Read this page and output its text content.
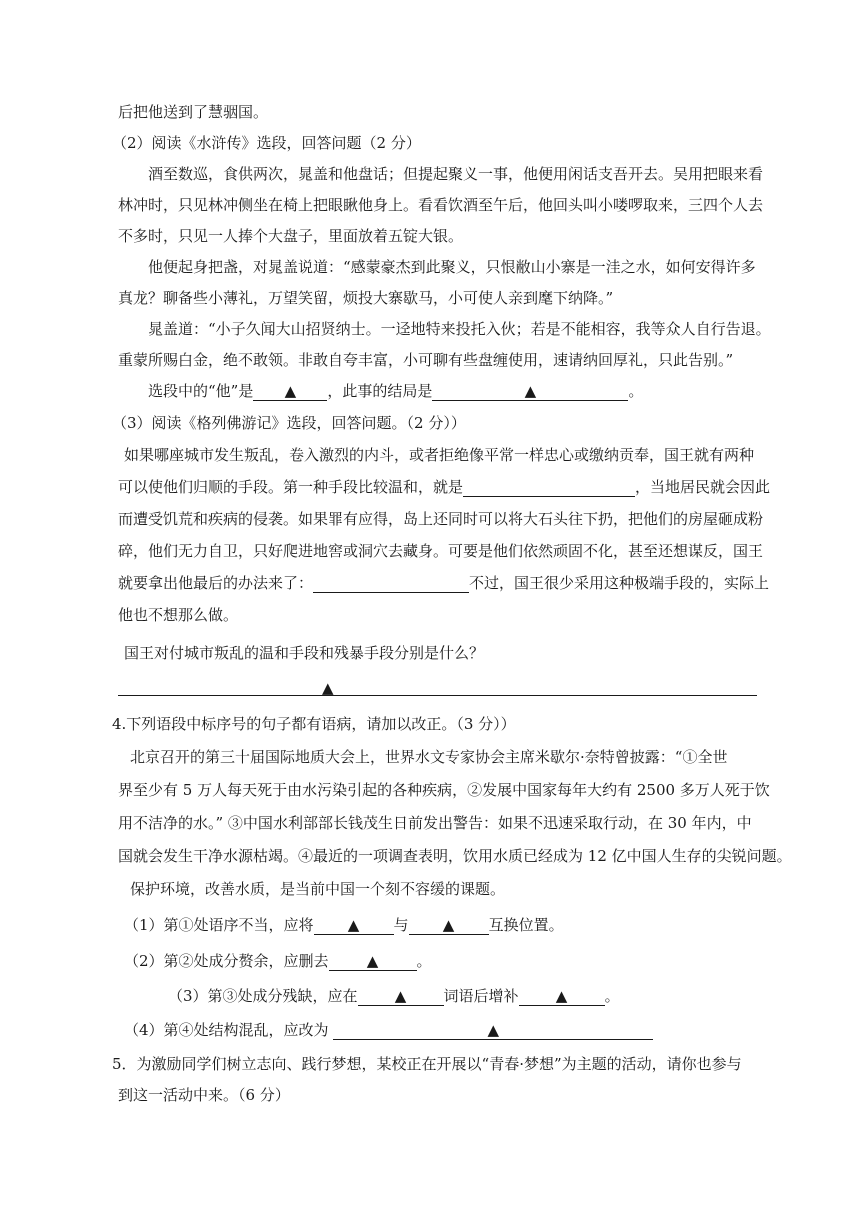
后把他送到了慧骃国。
（2）阅读《水浒传》选段，回答问题（2 分）
酒至数巡，食供两次，晁盖和他盘话；但提起聚义一事，他便用闲话支吾开去。吴用把眼来看
林冲时，只见林冲侧坐在椅上把眼瞅他身上。看看饮酒至午后，他回头叫小喽啰取来，三四个人去
不多时，只见一人捧个大盘子，里面放着五锭大银。
他便起身把盏，对晁盖说道：“感蒙豪杰到此聚义，只恨敝山小寨是一洼之水，如何安得许多
真龙？聊备些小薄礼，万望笑留，烦投大寨歇马，小可使人亲到麾下纳降。”
晁盖道：“小子久闻大山招贤纳士。一迳地特来投托入伙；若是不能相容，我等众人自行告退。
重蒙所赐白金，绝不敢领。非敢自夸丰富，小可聊有些盘缠使用，速请纳回厚礼，只此告别。”
选段中的“他”是 ▲ ，此事的结局是	▲	。
（3）阅读《格列佛游记》选段，回答问题。（2 分））
如果哪座城市发生叛乱，卷入激烈的内斗，或者拒绝像平常一样忠心或缴纳贡奉，国王就有两种
可以使他们归顺的手段。第一种手段比较温和，就是	，当地居民就会因此
而遭受饥荒和疾病的侵袭。如果罪有应得，岛上还同时可以将大石头往下扔，把他们的房屋砸成粉
碎，他们无力自卫，只好爬进地窖或洞穴去藏身。可要是他们依然顽固不化，甚至还想谋反，国王
就要拿出他最后的办法来了：	不过，国王很少采用这种极端手段的，实际上
他也不想那么做。
国王对付城市叛乱的温和手段和残暴手段分别是什么？
▲
4.下列语段中标序号的句子都有语病，请加以改正。（3 分））
北京召开的第三十届国际地质大会上，世界水文专家协会主席米歇尔·奈特曾披露：“①全世
界至少有 5 万人每天死于由水污染引起的各种疾病，②发展中国家每年大约有 2500 多万人死于饮
用不洁净的水。” ③中国水利部部长钱茂生日前发出警告：如果不迅速采取行动，在 30 年内，中
国就会发生干净水源枯竭。④最近的一项调查表明，饮用水质已经成为 12 亿中国人生存的尖锐问题。
保护环境，改善水质，是当前中国一个刻不容缓的课题。
（1）第①处语序不当，应将 ▲ 与 ▲ 互换位置。
（2）第②处成分赘余，应删去	▲	。
（3）第③处成分残缺，应在 ▲ 词语后增补 ▲ 。
（4）第④处结构混乱，应改为	▲
5．为激励同学们树立志向、践行梦想，某校正在开展以“青春·梦想”为主题的活动，请你也参与
到这一活动中来。（6 分）
